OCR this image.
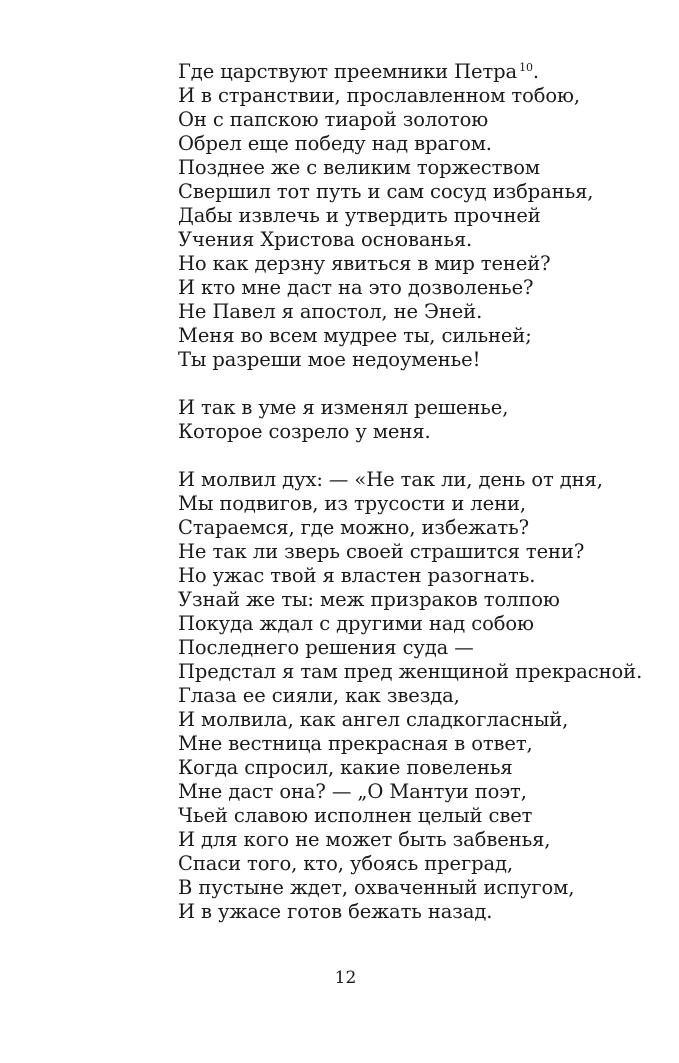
Где царствуют преемники Петра $^{10}$.
И в странствии, прославленном тобою,
Он с папскою тиарой золотою
Обрел еще победу над врагом.
Позднее же с великим торжеством
Свершил тот путь и сам сосуд избранья,
Дабы извлечь и утвердить прочней
Учения Христова основанья.
Но как дерзну явиться в мир теней?
И кто мне даст на это дозволенье?
Не Павел я апостол, не Эней.
Меня во всем мудрее ты, сильней;
Ты разреши мое недоуменье!
И так в уме я изменял решенье,
Которое созрело у меня.
И молвил дух: — «Не так ли, день от дня,
Мы подвигов, из трусости и лени,
Стараемся, где можно, избежать?
Не так ли зверь своей страшится тени?
Но ужас твой я властен разогнать.
Узнай же ты: меж призраков толпою
Покуда ждал с другими над собою
Последнего решения суда —
Предстал я там пред женщиной прекрасной.
Глаза ее сияли, как звезда,
И молвила, как ангел сладкогласный,
Мне вестница прекрасная в ответ,
Когда спросил, какие повеленья
Мне даст она? — „О Мантуи поэт,
Чьей славою исполнен целый свет
И для кого не может быть забвенья,
Спаси того, кто, убоясь преград,
В пустыне ждет, охваченный испугом,
И в ужасе готов бежать назад.
12
